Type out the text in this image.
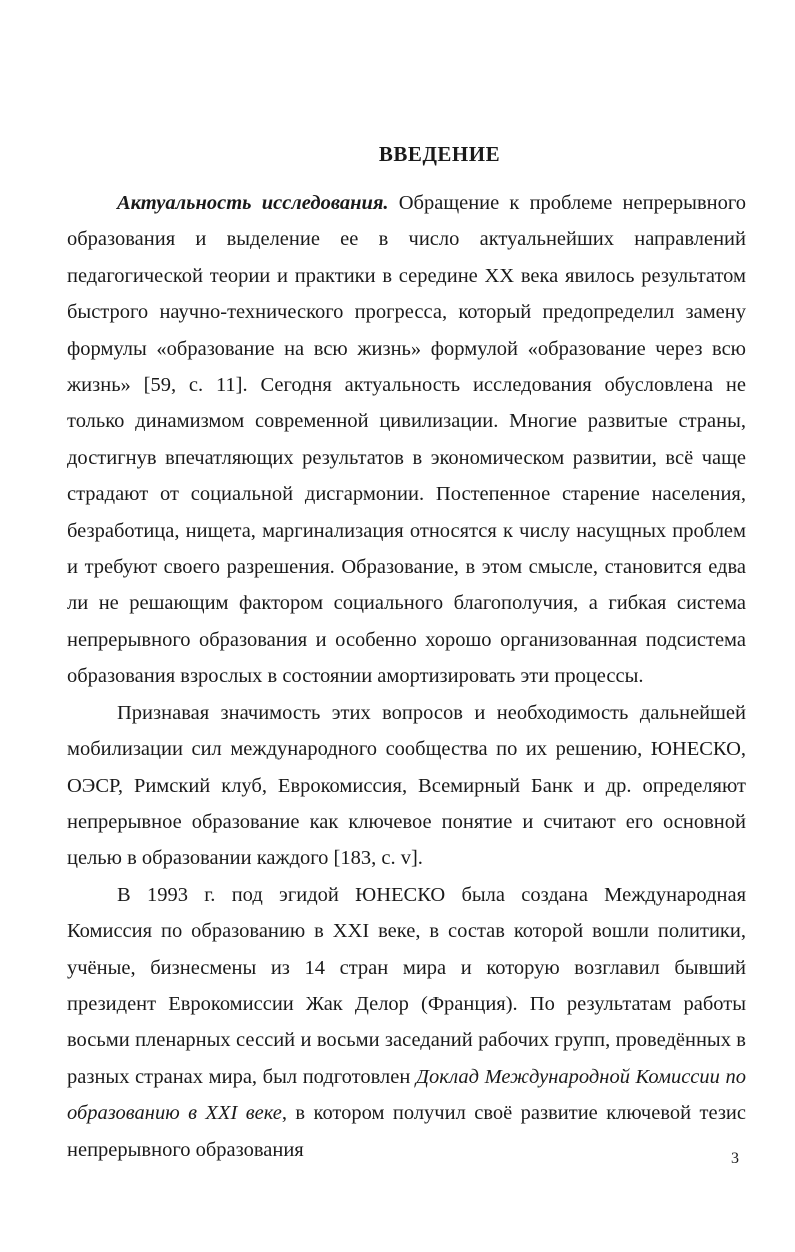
ВВЕДЕНИЕ

Актуальность исследования. Обращение к проблеме непрерывного образования и выделение ее в число актуальнейших направлений педагогической теории и практики в середине XX века явилось результатом быстрого научно-технического прогресса, который предопределил замену формулы «образование на всю жизнь» формулой «образование через всю жизнь» [59, с. 11]. Сегодня актуальность исследования обусловлена не только динамизмом современной цивилизации. Многие развитые страны, достигнув впечатляющих результатов в экономическом развитии, всё чаще страдают от социальной дисгармонии. Постепенное старение населения, безработица, нищета, маргинализация относятся к числу насущных проблем и требуют своего разрешения. Образование, в этом смысле, становится едва ли не решающим фактором социального благополучия, а гибкая система непрерывного образования и особенно хорошо организованная подсистема образования взрослых в состоянии амортизировать эти процессы.

Признавая значимость этих вопросов и необходимость дальнейшей мобилизации сил международного сообщества по их решению, ЮНЕСКО, ОЭСР, Римский клуб, Еврокомиссия, Всемирный Банк и др. определяют непрерывное образование как ключевое понятие и считают его основной целью в образовании каждого [183, с. v].

В 1993 г. под эгидой ЮНЕСКО была создана Международная Комиссия по образованию в XXI веке, в состав которой вошли политики, учёные, бизнесмены из 14 стран мира и которую возглавил бывший президент Еврокомиссии Жак Делор (Франция). По результатам работы восьми пленарных сессий и восьми заседаний рабочих групп, проведённых в разных странах мира, был подготовлен Доклад Международной Комиссии по образованию в XXI веке, в котором получил своё развитие ключевой тезис непрерывного образования	3
